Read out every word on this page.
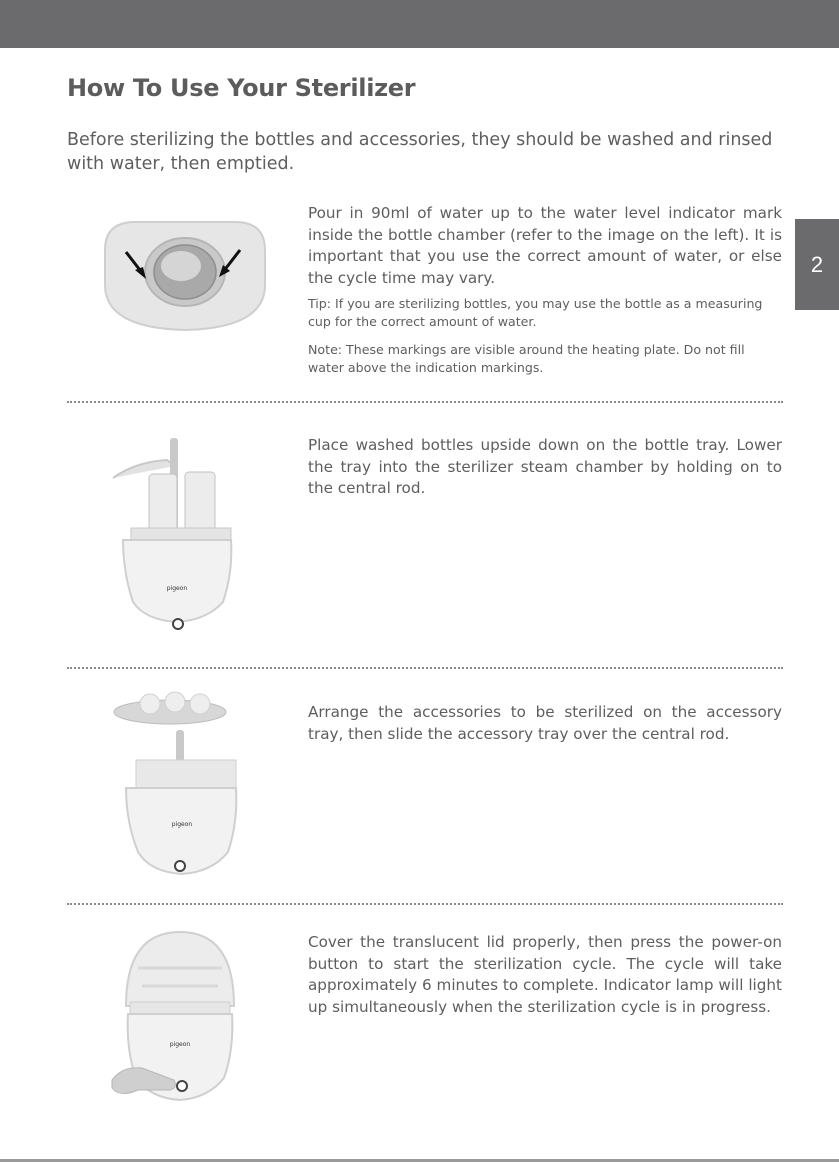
2
How To Use Your Sterilizer

Before sterilizing the bottles and accessories, they should be washed and rinsed with water, then emptied.

Pour in 90ml of water up to the water level indicator mark inside the bottle chamber (refer to the image on the left). It is important that you use the correct amount of water, or else the cycle time may vary.

Tip: If you are sterilizing bottles, you may use the bottle as a measuring cup for the correct amount of water.

Note: These markings are visible around the heating plate. Do not fill water above the indication markings.

pigeon

Place washed bottles upside down on the bottle tray. Lower the tray into the sterilizer steam chamber by holding on to the central rod.

pigeon

Arrange the accessories to be sterilized on the accessory tray, then slide the accessory tray over the central rod.

pigeon

Cover the translucent lid properly, then press the power-on button to start the sterilization cycle. The cycle will take approximately 6 minutes to complete. Indicator lamp will light up simultaneously when the sterilization cycle is in progress.
